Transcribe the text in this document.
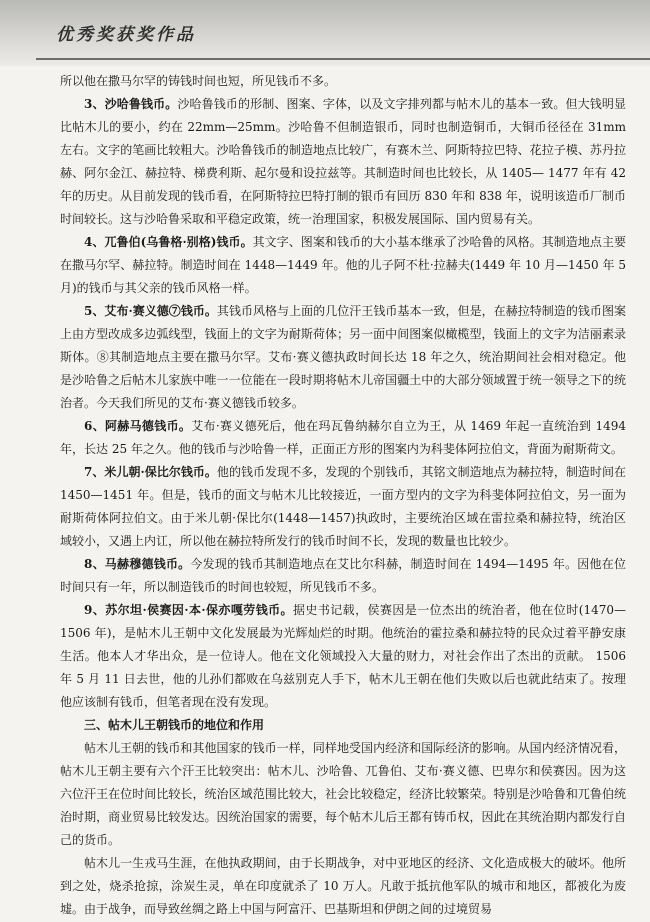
优秀奖获奖作品

所以他在撒马尔罕的铸钱时间也短，所见钱币不多。

3、沙哈鲁钱币。沙哈鲁钱币的形制、图案、字体，以及文字排列都与帖木儿的基本一致。但大钱明显比帖木儿的要小，约在 22mm—25mm。沙哈鲁不但制造银币，同时也制造铜币，大铜币径径在 31mm 左右。文字的笔画比较粗大。沙哈鲁钱币的制造地点比较广，有赛木兰、阿斯特拉巴特、花拉子模、苏丹拉赫、阿尔金江、赫拉特、梯费利斯、起尔曼和设拉兹等。其制造时间也比较长，从 1405— 1477 年有 42 年的历史。从目前发现的钱币看，在阿斯特拉巴特打制的银币有回历 830 年和 838 年，说明该造币厂制币时间较长。这与沙哈鲁采取和平稳定政策，统一治理国家，积极发展国际、国内贸易有关。

4、兀鲁伯(乌鲁格·别格)钱币。其文字、图案和钱币的大小基本继承了沙哈鲁的风格。其制造地点主要在撒马尔罕、赫拉特。制造时间在 1448—1449 年。他的儿子阿不杜·拉赫夫(1449 年 10 月—1450 年 5 月)的钱币与其父亲的钱币风格一样。

5、艾布·赛义德⑦钱币。其钱币风格与上面的几位汗王钱币基本一致，但是，在赫拉特制造的钱币图案上由方型改成多边弧线型，钱面上的文字为耐斯荷体；另一面中间图案似橄榄型，钱面上的文字为洁丽素录斯体。⑧其制造地点主要在撒马尔罕。艾布·赛义德执政时间长达 18 年之久，统治期间社会相对稳定。他是沙哈鲁之后帖木儿家族中唯一一位能在一段时期将帖木儿帝国疆土中的大部分领域置于统一领导之下的统治者。今天我们所见的艾布·赛义德钱币较多。

6、阿赫马德钱币。艾布·赛义德死后，他在玛瓦鲁纳赫尔自立为王，从 1469 年起一直统治到 1494 年，长达 25 年之久。他的钱币与沙哈鲁一样，正面正方形的图案内为科斐体阿拉伯文，背面为耐斯荷文。

7、米儿朝·保比尔钱币。他的钱币发现不多，发现的个别钱币，其铭文制造地点为赫拉特，制造时间在 1450—1451 年。但是，钱币的面文与帖木儿比较接近，一面方型内的文字为科斐体阿拉伯文，另一面为耐斯荷体阿拉伯文。由于米儿朝·保比尔(1448—1457)执政时，主要统治区域在雷拉桑和赫拉特，统治区域较小，又遇上内讧，所以他在赫拉特所发行的钱币时间不长，发现的数量也比较少。

8、马赫穆德钱币。今发现的钱币其制造地点在艾比尔科赫，制造时间在 1494—1495 年。因他在位时间只有一年，所以制造钱币的时间也较短，所见钱币不多。

9、苏尔坦·侯赛因·本·保亦嘎劳钱币。据史书记载，侯赛因是一位杰出的统治者，他在位时(1470—1506 年)，是帖木儿王朝中文化发展最为光辉灿烂的时期。他统治的霍拉桑和赫拉特的民众过着平静安康生活。他本人才华出众，是一位诗人。他在文化领域投入大量的财力，对社会作出了杰出的贡献。 1506 年 5 月 11 日去世，他的儿孙们都败在乌兹别克人手下，帖木儿王朝在他们失败以后也就此结束了。按理他应该制有钱币，但笔者现在没有发现。

三、帖木儿王朝钱币的地位和作用

帖木儿王朝的钱币和其他国家的钱币一样，同样地受国内经济和国际经济的影响。从国内经济情况看，帖木儿王朝主要有六个汗王比较突出：帖木儿、沙哈鲁、兀鲁伯、艾布·赛义德、巴卑尔和侯赛因。因为这六位汗王在位时间比较长，统治区域范围比较大，社会比较稳定，经济比较繁荣。特别是沙哈鲁和兀鲁伯统治时期，商业贸易比较发达。因统治国家的需要，每个帖木儿后王都有铸币权，因此在其统治期内都发行自己的货币。

帖木儿一生戎马生涯，在他执政期间，由于长期战争，对中亚地区的经济、文化造成极大的破坏。他所到之处，烧杀抢掠，涂炭生灵，单在印度就杀了 10 万人。凡敢于抵抗他军队的城市和地区，都被化为废墟。由于战争，而导致丝绸之路上中国与阿富汗、巴基斯坦和伊朗之间的过境贸易
